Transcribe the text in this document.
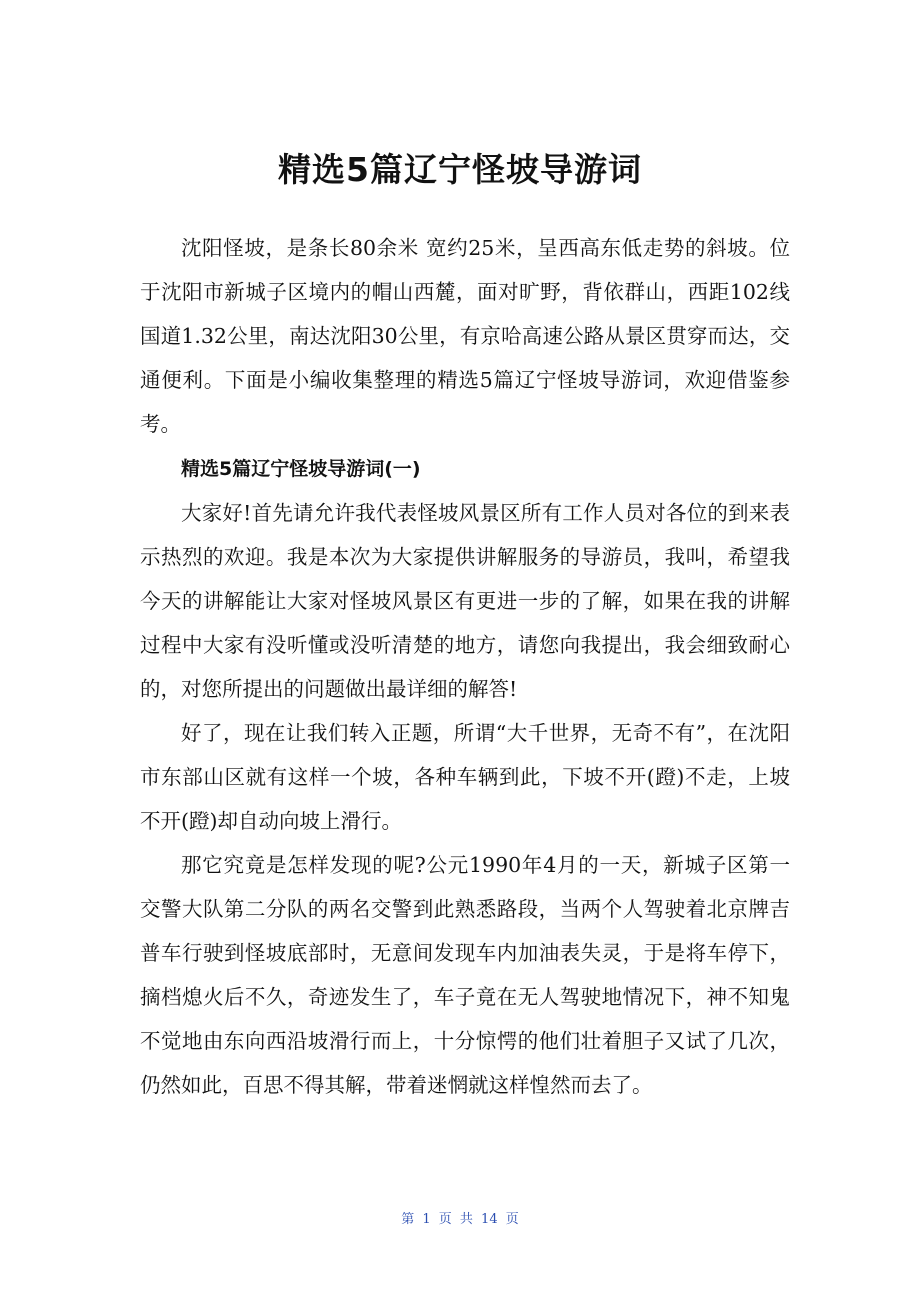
精选5篇辽宁怪坡导游词

沈阳怪坡，是条长80余米 宽约25米，呈西高东低走势的斜坡。位于沈阳市新城子区境内的帽山西麓，面对旷野，背依群山，西距102线国道1.32公里，南达沈阳30公里，有京哈高速公路从景区贯穿而达，交通便利。下面是小编收集整理的精选5篇辽宁怪坡导游词，欢迎借鉴参考。

精选5篇辽宁怪坡导游词(一)

大家好!首先请允许我代表怪坡风景区所有工作人员对各位的到来表示热烈的欢迎。我是本次为大家提供讲解服务的导游员，我叫，希望我今天的讲解能让大家对怪坡风景区有更进一步的了解，如果在我的讲解过程中大家有没听懂或没听清楚的地方，请您向我提出，我会细致耐心的，对您所提出的问题做出最详细的解答!

好了，现在让我们转入正题，所谓“大千世界，无奇不有”，在沈阳市东部山区就有这样一个坡，各种车辆到此，下坡不开(蹬)不走，上坡不开(蹬)却自动向坡上滑行。

那它究竟是怎样发现的呢?公元1990年4月的一天，新城子区第一交警大队第二分队的两名交警到此熟悉路段，当两个人驾驶着北京牌吉普车行驶到怪坡底部时，无意间发现车内加油表失灵，于是将车停下，摘档熄火后不久，奇迹发生了，车子竟在无人驾驶地情况下，神不知鬼不觉地由东向西沿坡滑行而上，十分惊愕的他们壮着胆子又试了几次，仍然如此，百思不得其解，带着迷惘就这样惶然而去了。

第 1 页 共 14 页
